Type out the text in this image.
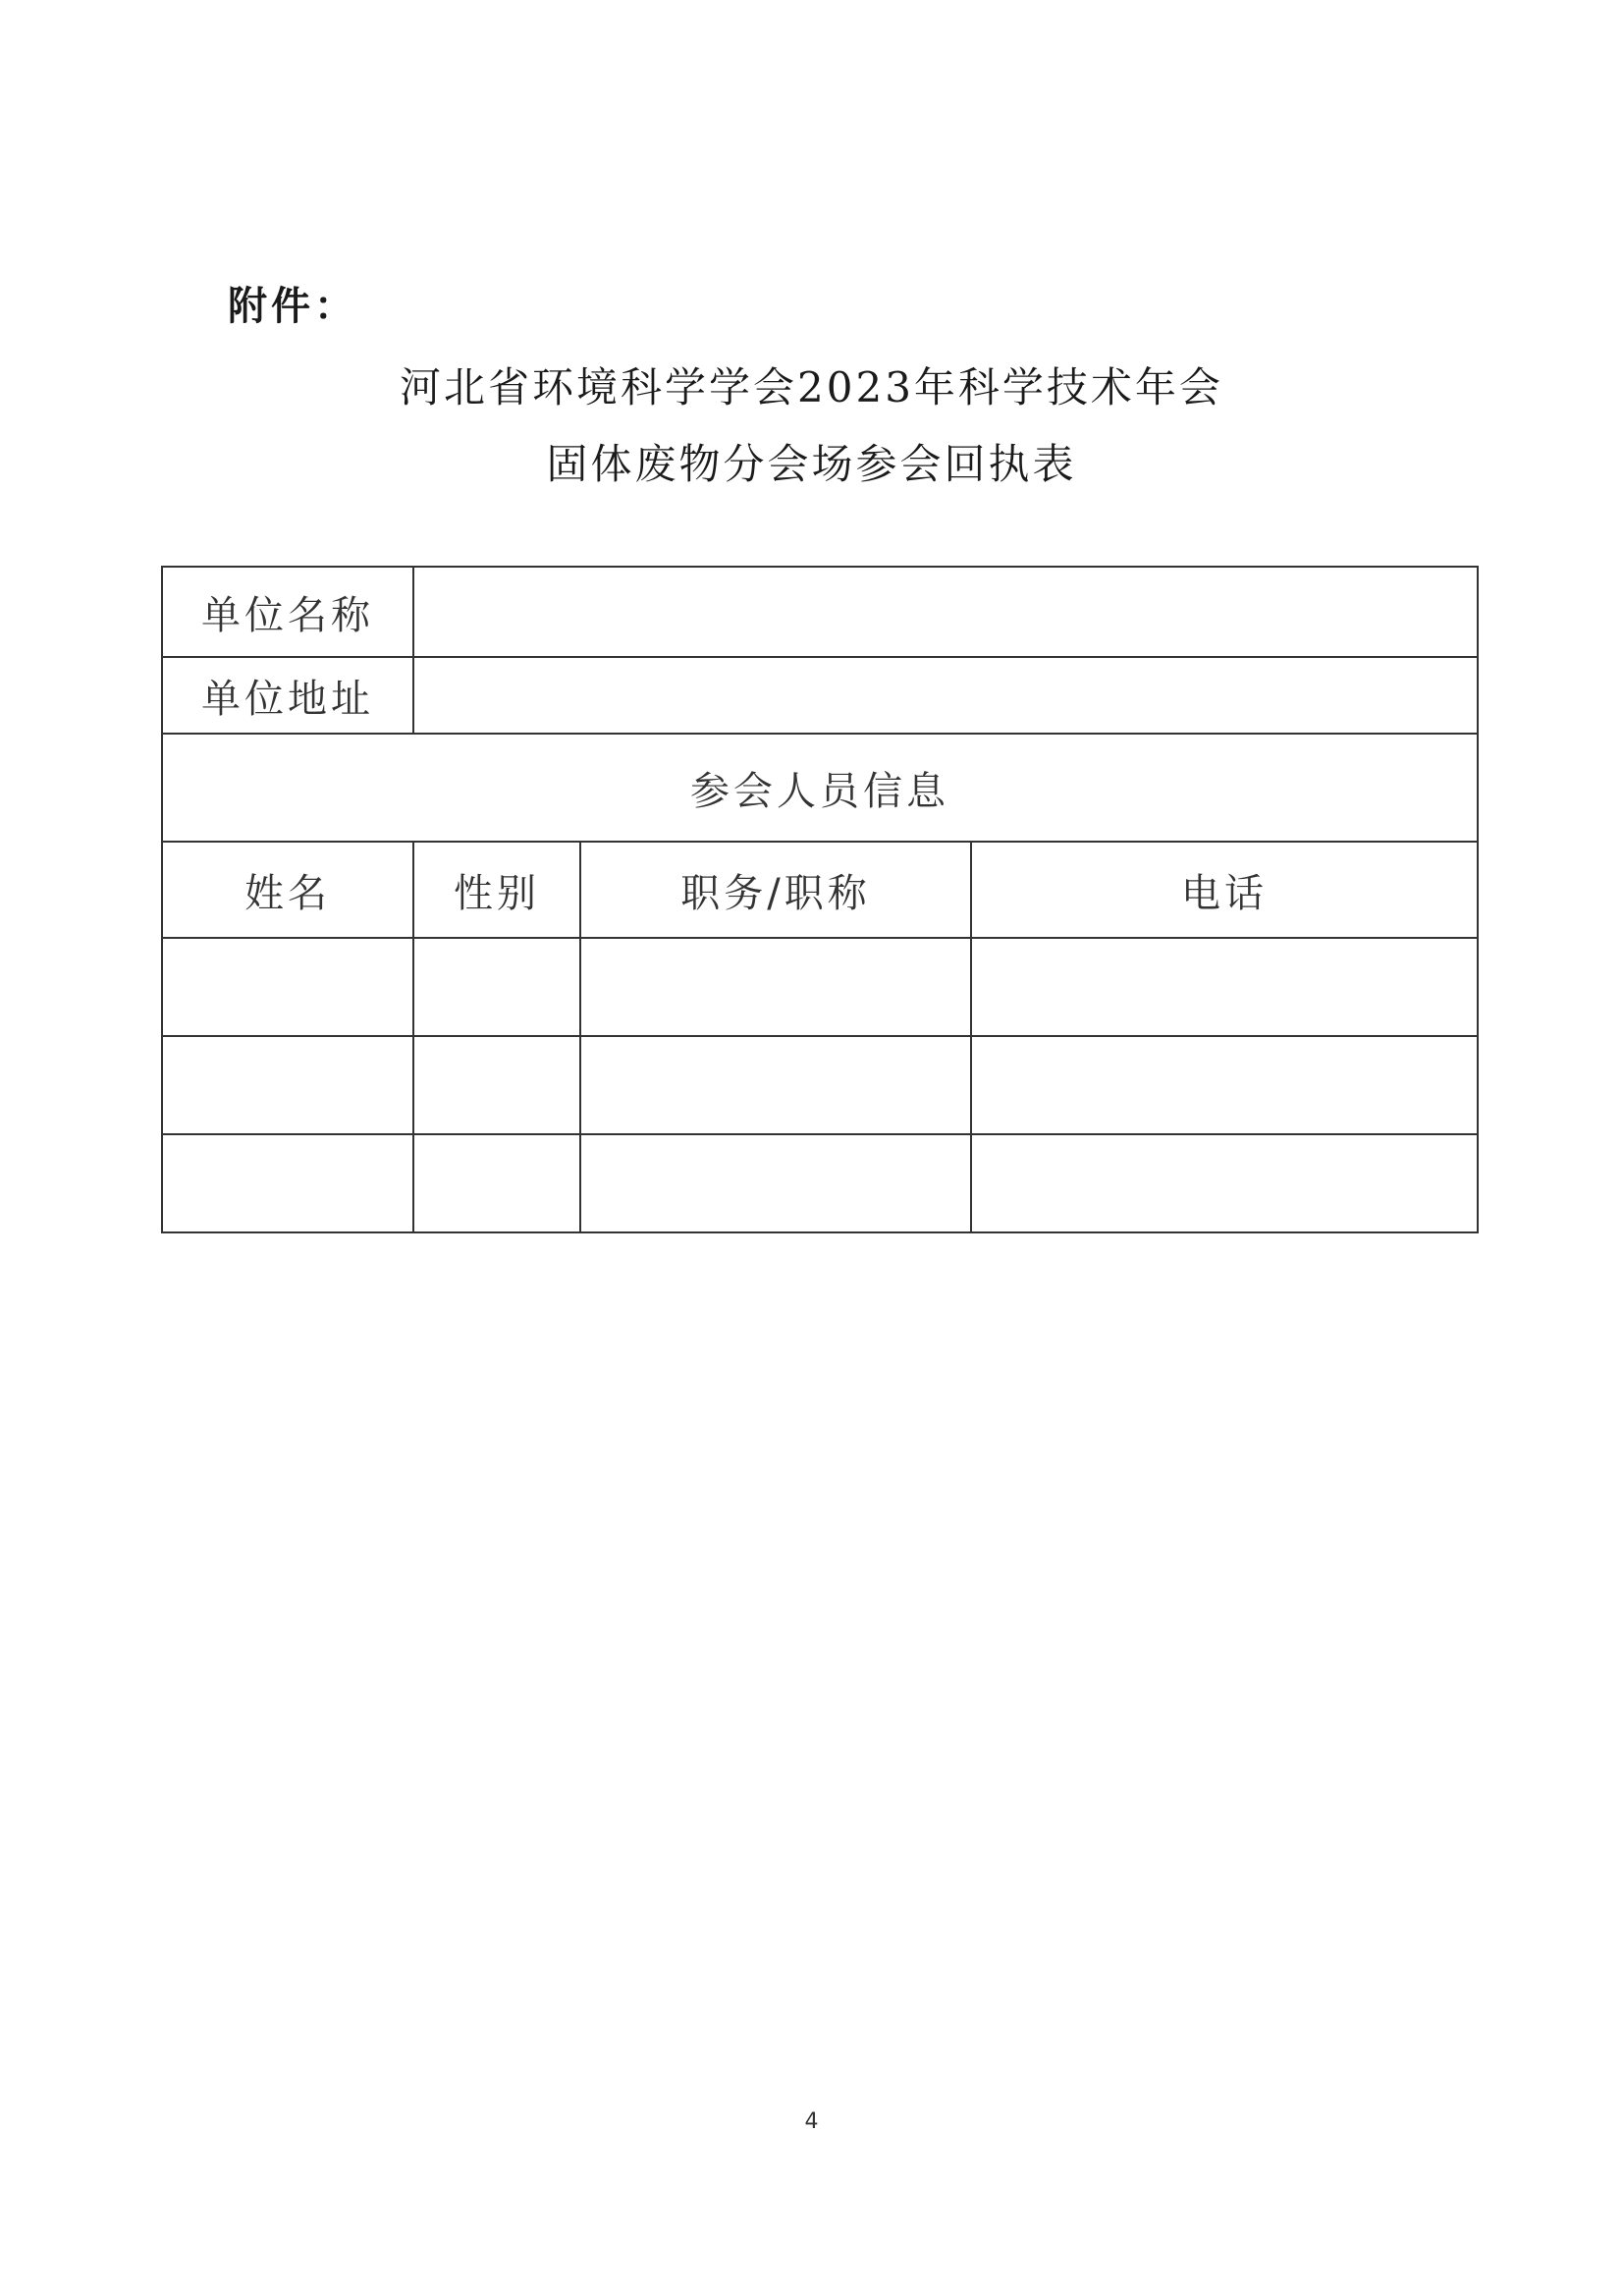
附件：
河北省环境科学学会2023年科学技术年会
固体废物分会场参会回执表
单位名称			
单位地址			
参会人员信息			
姓名	性别	职务/职称	电话

4
